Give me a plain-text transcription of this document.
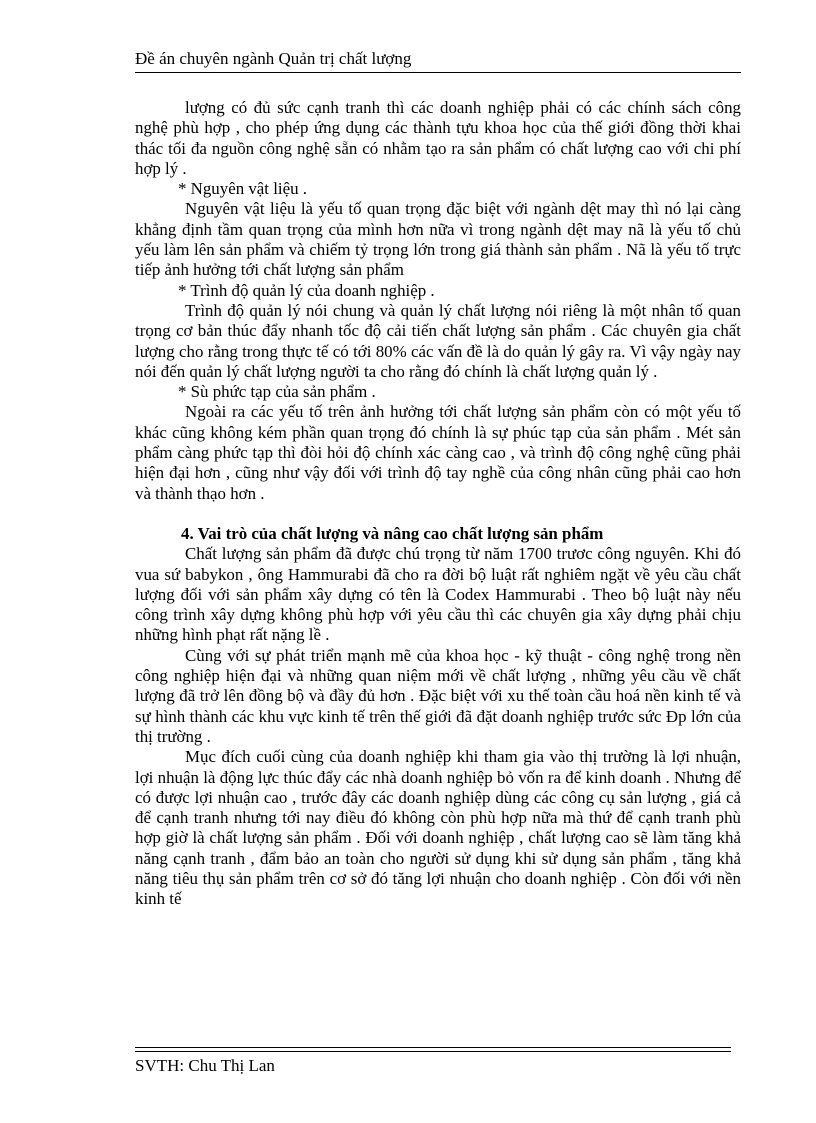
Đề án chuyên ngành Quản trị chất lượng

lượng có đủ sức cạnh tranh thì các doanh nghiệp phải có các chính sách công nghệ phù hợp , cho phép ứng dụng các thành tựu khoa học của thế giới đồng thời khai thác tối đa nguồn công nghệ sẵn có nhằm tạo ra sản phẩm có chất lượng cao với chi phí hợp lý .

* Nguyên vật liệu .

Nguyên vật liệu là yếu tố quan trọng đặc biệt với ngành dệt may thì nó lại càng khẳng định tầm quan trọng của mình hơn nữa vì trong ngành dệt may nã là yếu tố chủ yếu làm lên sản phẩm và chiếm tỷ trọng lớn trong giá thành sản phẩm . Nã là yếu tố trực tiếp ảnh hưởng tới chất lượng sản phẩm

* Trình độ quản lý của doanh nghiệp .

Trình độ quản lý nói chung và quản lý chất lượng nói riêng là một nhân tố quan trọng cơ bản thúc đẩy nhanh tốc độ cải tiến chất lượng sản phẩm . Các chuyên gia chất lượng cho rằng trong thực tế có tới 80% các vấn đề là do quản lý gây ra. Vì vậy ngày nay nói đến quản lý chất lượng người ta cho rằng đó chính là chất lượng quản lý .

* Sù phức tạp của sản phẩm .

Ngoài ra các yếu tố trên ảnh hưởng tới chất lượng sản phẩm còn có một yếu tố khác cũng không kém phần quan trọng đó chính là sự phúc tạp của sản phẩm . Mét sản phẩm càng phức tạp thì đòi hỏi độ chính xác càng cao , và trình độ công nghệ cũng phải hiện đại hơn , cũng như vậy đối với trình độ tay nghề của công nhân cũng phải cao hơn và thành thạo hơn .

4. Vai trò của chất lượng và nâng cao chất lượng sản phẩm

Chất lượng sản phẩm đã được chú trọng từ năm 1700 trươc công nguyên. Khi đó vua sứ babykon , ông Hammurabi đã cho ra đời bộ luật rất nghiêm ngặt về yêu cầu chất lượng đối với sản phẩm xây dựng có tên là Codex Hammurabi . Theo bộ luật này nếu công trình xây dựng không phù hợp với yêu cầu thì các chuyên gia xây dựng phải chịu những hình phạt rất nặng lề .

Cùng với sự phát triển mạnh mẽ của khoa học - kỹ thuật - công nghệ trong nền công nghiệp hiện đại và những quan niệm mới về chất lượng , những yêu cầu về chất lượng đã trở lên đồng bộ và đầy đủ hơn . Đặc biệt với xu thế toàn cầu hoá nền kinh tế và sự hình thành các khu vực kinh tế trên thế giới đã đặt doanh nghiệp trước sức Đp lớn của thị trường .

Mục đích cuối cùng của doanh nghiệp khi tham gia vào thị trường là lợi nhuận, lợi nhuận là động lực thúc đẩy các nhà doanh nghiệp bỏ vốn ra để kinh doanh . Nhưng để có được lợi nhuận cao , trước đây các doanh nghiệp dùng các công cụ sản lượng , giá cả để cạnh tranh nhưng tới nay điều đó không còn phù hợp nữa mà thứ để cạnh tranh phù hợp giờ là chất lượng sản phẩm . Đối với doanh nghiệp , chất lượng cao sẽ làm tăng khả năng cạnh tranh , đẩm bảo an toàn cho người sử dụng khi sử dụng sản phẩm , tăng khả năng tiêu thụ sản phẩm trên cơ sở đó tăng lợi nhuận cho doanh nghiệp . Còn đối với nền kinh tế

SVTH: Chu Thị Lan
